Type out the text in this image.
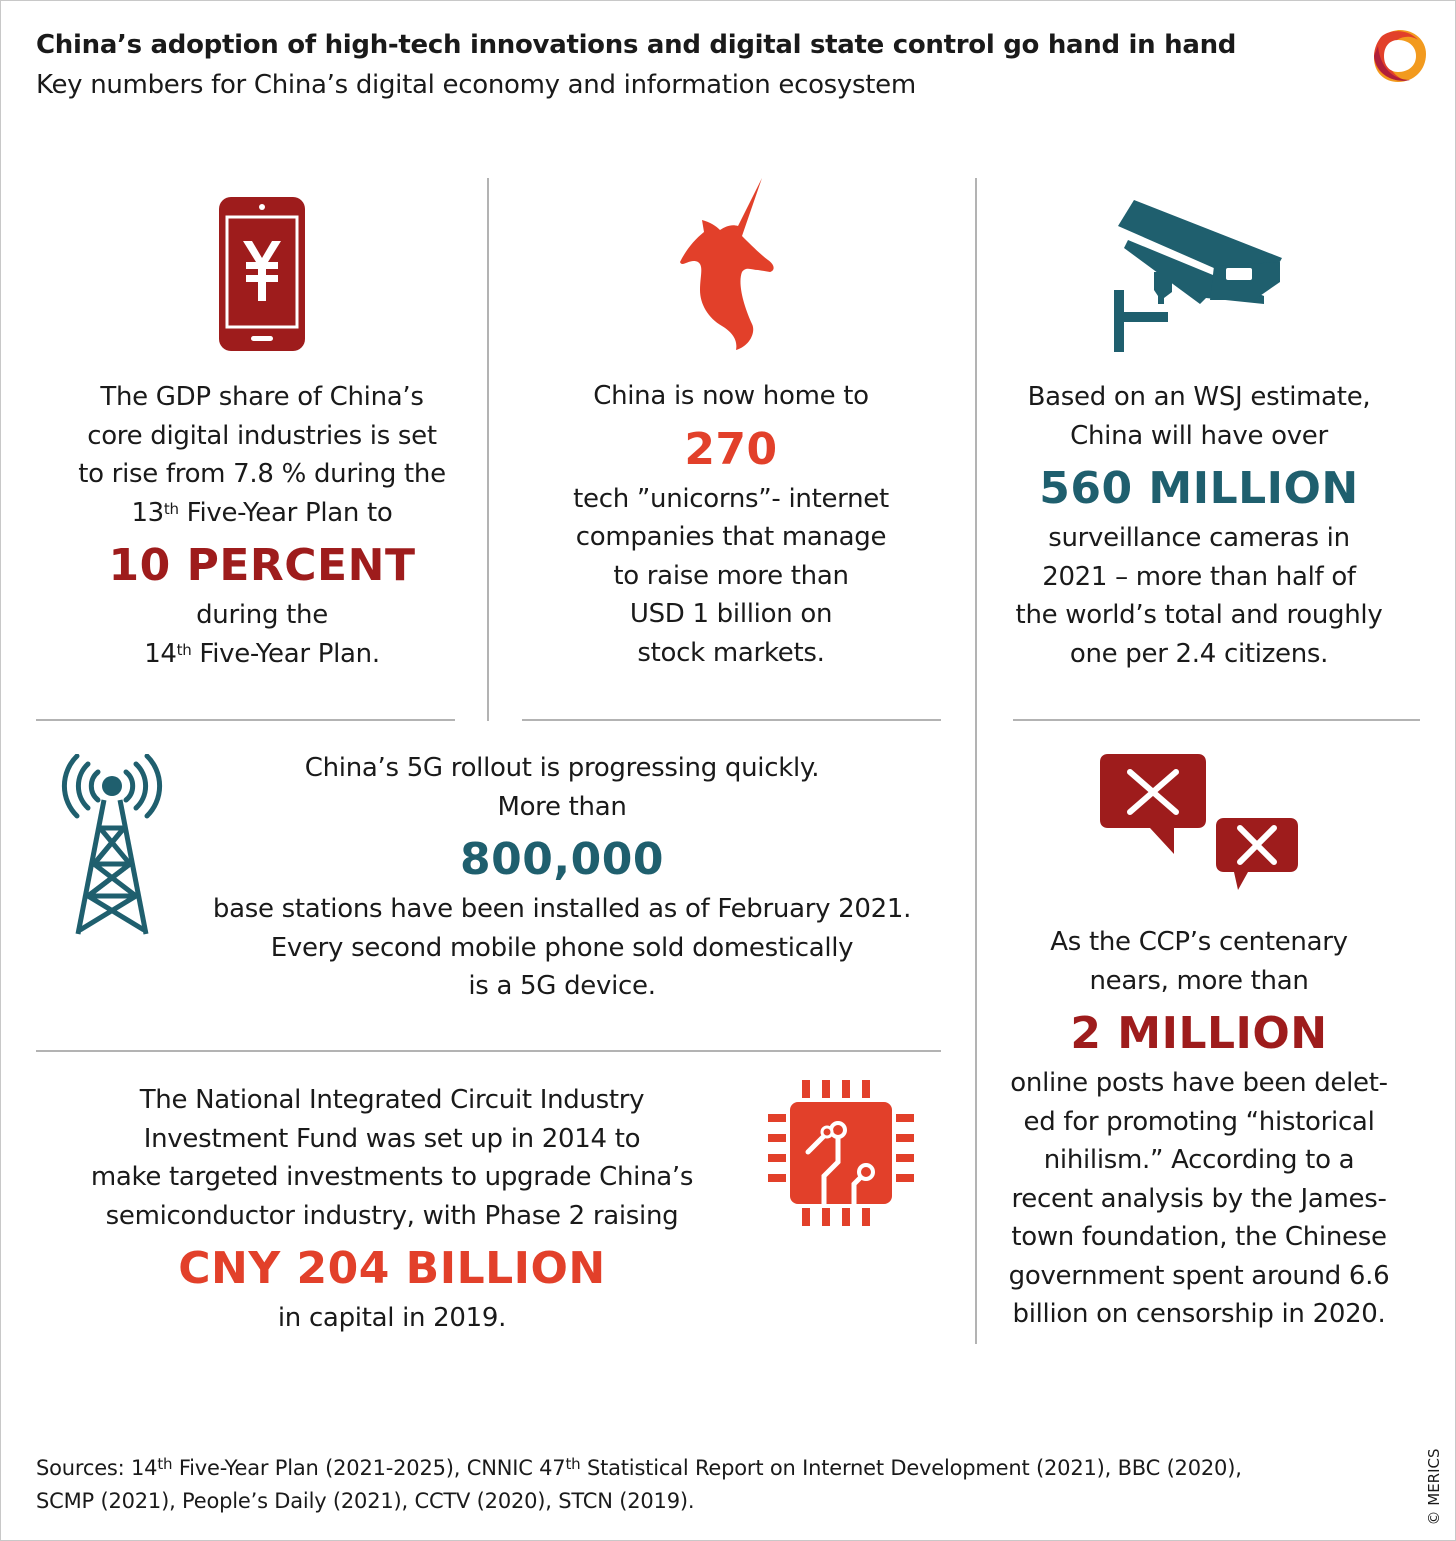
China’s adoption of high-tech innovations and digital state control go hand in hand
Key numbers for China’s digital economy and information ecosystem

The GDP share of China’s

core digital industries is set

to rise from 7.8 % during the

13th Five-Year Plan to

10 PERCENT

during the

14th Five-Year Plan.

China is now home to

270

tech ”unicorns”- internet

companies that manage

to raise more than

USD 1 billion on

stock markets.

Based on an WSJ estimate,

China will have over

560 MILLION

surveillance cameras in

2021 – more than half of

the world’s total and roughly

one per 2.4 citizens.

China’s 5G rollout is progressing quickly.

More than

800,000

base stations have been installed as of February 2021.

Every second mobile phone sold domestically

is a 5G device.

As the CCP’s centenary

nears, more than

2 MILLION

online posts have been delet-

ed for promoting “historical

nihilism.” According to a

recent analysis by the James-

town foundation, the Chinese

government spent around 6.6

billion on censorship in 2020.

The National Integrated Circuit Industry

Investment Fund was set up in 2014 to

make targeted investments to upgrade China’s

semiconductor industry, with Phase 2 raising

CNY 204 BILLION

in capital in 2019.

Sources: 14th Five-Year Plan (2021-2025), CNNIC 47th Statistical Report on Internet Development (2021), BBC (2020),
SCMP (2021), People’s Daily (2021), CCTV (2020), STCN (2019).	© MERICS
